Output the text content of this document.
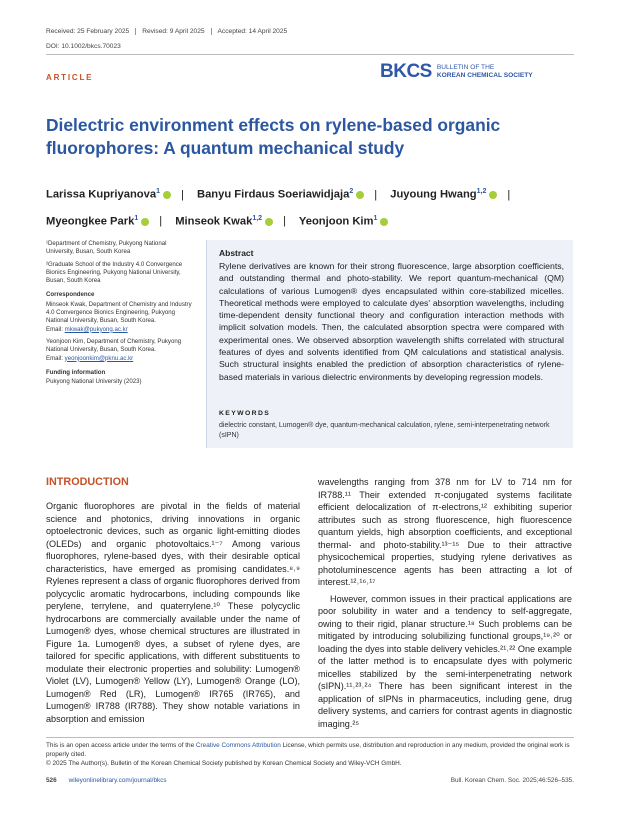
Received: 25 February 2025	Revised: 9 April 2025	Accepted: 14 April 2025
DOI: 10.1002/bkcs.70023
ARTICLE	BKCS BULLETIN OF THE
KOREAN CHEMICAL SOCIETY
Dielectric environment effects on rylene-based organic fluorophores: A quantum mechanical study
Larissa Kupriyanova$^1$ | Banyu Firdaus Soeriawidjaja$^2$ | Juyoung Hwang$^{1,2}$ |
Myeongkee Park$^1$ | Minseok Kwak$^{1,2}$ | Yeonjoon Kim$^1$

¹Department of Chemistry, Pukyong National University, Busan, South Korea

²Graduate School of the Industry 4.0 Convergence Bionics Engineering, Pukyong National University, Busan, South Korea

Correspondence

Minseok Kwak, Department of Chemistry and Industry 4.0 Convergence Bionics Engineering, Pukyong National University, Busan, South Korea.
Email: mkwak@pukyong.ac.kr

Yeonjoon Kim, Department of Chemistry, Pukyong National University, Busan, South Korea.
Email: yeonjoonkim@pknu.ac.kr

Funding information

Pukyong National University (2023)

Abstract
Rylene derivatives are known for their strong fluorescence, large absorption coefficients, and outstanding thermal and photo-stability. We report quantum-mechanical (QM) calculations of various Lumogen® dyes encapsulated within core-stabilized micelles. Theoretical methods were employed to calculate dyes' absorption wavelengths, including time-dependent density functional theory and configuration interaction methods with implicit solvation models. Then, the calculated absorption spectra were compared with experimental ones. We observed absorption wavelength shifts correlated with structural features of dyes and solvents identified from QM calculations and statistical analysis. Such structural insights enabled the prediction of absorption characteristics of rylene-based materials in various dielectric environments by developing regression models.
KEYWORDS
dielectric constant, Lumogen® dye, quantum-mechanical calculation, rylene, semi-interpenetrating network (sIPN)
INTRODUCTION
Organic fluorophores are pivotal in the fields of material science and photonics, driving innovations in organic optoelectronic devices, such as organic light-emitting diodes (OLEDs) and organic photovoltaics.¹⁻⁷ Among various fluorophores, rylene-based dyes, with their desirable optical characteristics, have emerged as promising candidates.⁸˒⁹ Rylenes represent a class of organic fluorophores derived from polycyclic aromatic hydrocarbons, including compounds like perylene, terrylene, and quaterrylene.¹⁰ These polycyclic hydrocarbons are commercially available under the name of Lumogen® dyes, whose chemical structures are illustrated in Figure 1a. Lumogen® dyes, a subset of rylene dyes, are tailored for specific applications, with different substituents to modulate their electronic properties and solubility: Lumogen® Violet (LV), Lumogen® Yellow (LY), Lumogen® Orange (LO), Lumogen® Red (LR), Lumogen® IR765 (IR765), and Lumogen® IR788 (IR788). They show notable variations in absorption and emission

wavelengths ranging from 378 nm for LV to 714 nm for IR788.¹¹ Their extended π-conjugated systems facilitate efficient delocalization of π-electrons,¹² exhibiting superior attributes such as strong fluorescence, high fluorescence quantum yields, high absorption coefficients, and exceptional thermal- and photo-stability.¹³⁻¹⁵ Due to their attractive physicochemical properties, studying rylene derivatives as photoluminescence agents has been attracting a lot of interest.¹²˒¹⁶˒¹⁷

However, common issues in their practical applications are poor solubility in water and a tendency to self-aggregate, owing to their rigid, planar structure.¹⁸ Such problems can be mitigated by introducing solubilizing functional groups,¹⁹˒²⁰ or loading the dyes into stable delivery vehicles.²¹˒²² One example of the latter method is to encapsulate dyes with polymeric micelles stabilized by the semi-interpenetrating network (sIPN).¹¹˒²³˒²⁴ There has been significant interest in the application of sIPNs in pharmaceutics, including gene, drug delivery systems, and carriers for contrast agents in diagnostic imaging.²⁵

This is an open access article under the terms of the Creative Commons Attribution License, which permits use, distribution and reproduction in any medium, provided the original work is properly cited.
© 2025 The Author(s). Bulletin of the Korean Chemical Society published by Korean Chemical Society and Wiley-VCH GmbH.
526 wileyonlinelibrary.com/journal/bkcs	Bull. Korean Chem. Soc. 2025;46:526–535.
